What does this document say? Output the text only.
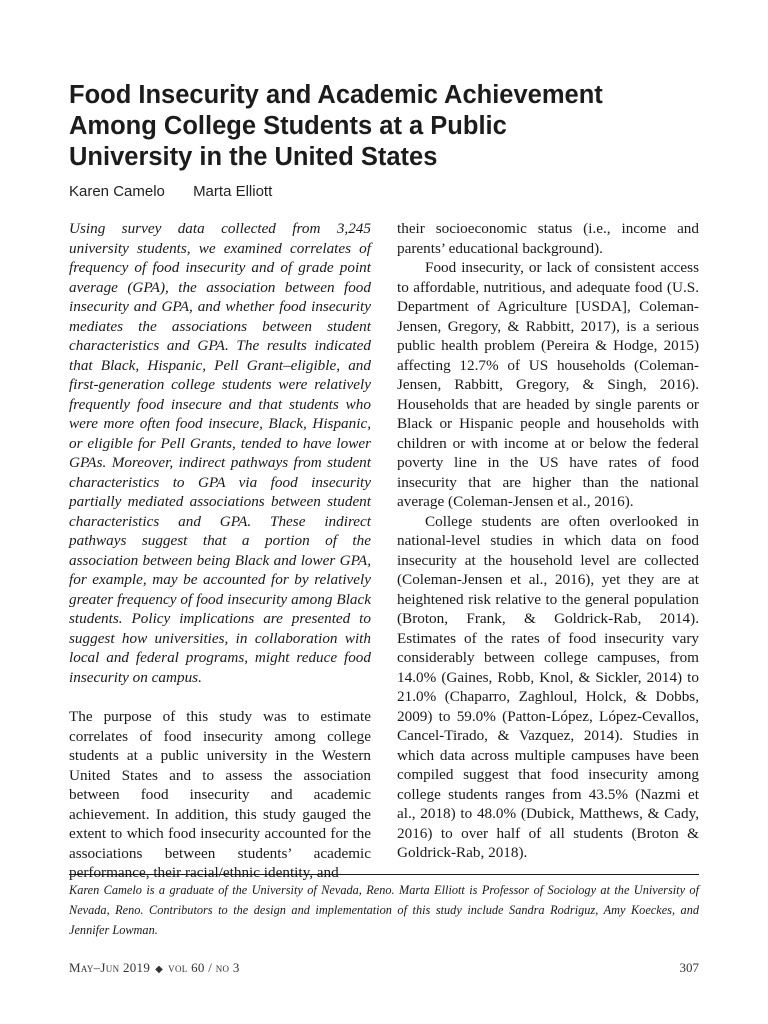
Food Insecurity and Academic Achievement
Among College Students at a Public
University in the United States
Karen Camelo Marta Elliott

Using survey data collected from 3,245 university students, we examined correlates of frequency of food insecurity and of grade point average (GPA), the association between food insecurity and GPA, and whether food insecurity mediates the associations between student characteristics and GPA. The results indicated that Black, Hispanic, Pell Grant–eligible, and first-generation college students were relatively frequently food insecure and that students who were more often food insecure, Black, Hispanic, or eligible for Pell Grants, tended to have lower GPAs. Moreover, indirect pathways from student characteristics to GPA via food insecurity partially mediated associations between student characteristics and GPA. These indirect pathways suggest that a portion of the association between being Black and lower GPA, for example, may be accounted for by relatively greater frequency of food insecurity among Black students. Policy implications are presented to suggest how universities, in collaboration with local and federal programs, might reduce food insecurity on campus.

The purpose of this study was to estimate correlates of food insecurity among college students at a public university in the Western United States and to assess the association between food insecurity and academic achievement. In addition, this study gauged the extent to which food insecurity accounted for the associations between students’ academic performance, their racial/ethnic identity, and

their socioeconomic status (i.e., income and parents’ educational background).

Food insecurity, or lack of consistent access to affordable, nutritious, and adequate food (U.S. Department of Agriculture [USDA], Coleman-Jensen, Gregory, & Rabbitt, 2017), is a serious public health problem (Pereira & Hodge, 2015) affecting 12.7% of US households (Coleman-Jensen, Rabbitt, Gregory, & Singh, 2016). Households that are headed by single parents or Black or Hispanic people and households with children or with income at or below the federal poverty line in the US have rates of food insecurity that are higher than the national average (Coleman-Jensen et al., 2016).

College students are often overlooked in national-level studies in which data on food insecurity at the household level are collected (Coleman-Jensen et al., 2016), yet they are at heightened risk relative to the general population (Broton, Frank, & Goldrick-Rab, 2014). Estimates of the rates of food insecurity vary considerably between college campuses, from 14.0% (Gaines, Robb, Knol, & Sickler, 2014) to 21.0% (Chaparro, Zaghloul, Holck, & Dobbs, 2009) to 59.0% (Patton-López, López-Cevallos, Cancel-Tirado, & Vazquez, 2014). Studies in which data across multiple campuses have been compiled suggest that food insecurity among college students ranges from 43.5% (Nazmi et al., 2018) to 48.0% (Dubick, Matthews, & Cady, 2016) to over half of all students (Broton & Goldrick-Rab, 2018).

Karen Camelo is a graduate of the University of Nevada, Reno. Marta Elliott is Professor of Sociology at the University of Nevada, Reno. Contributors to the design and implementation of this study include Sandra Rodriguz, Amy Koeckes, and Jennifer Lowman.

May–Jun 2019 ◆ vol 60 / no 3	307
